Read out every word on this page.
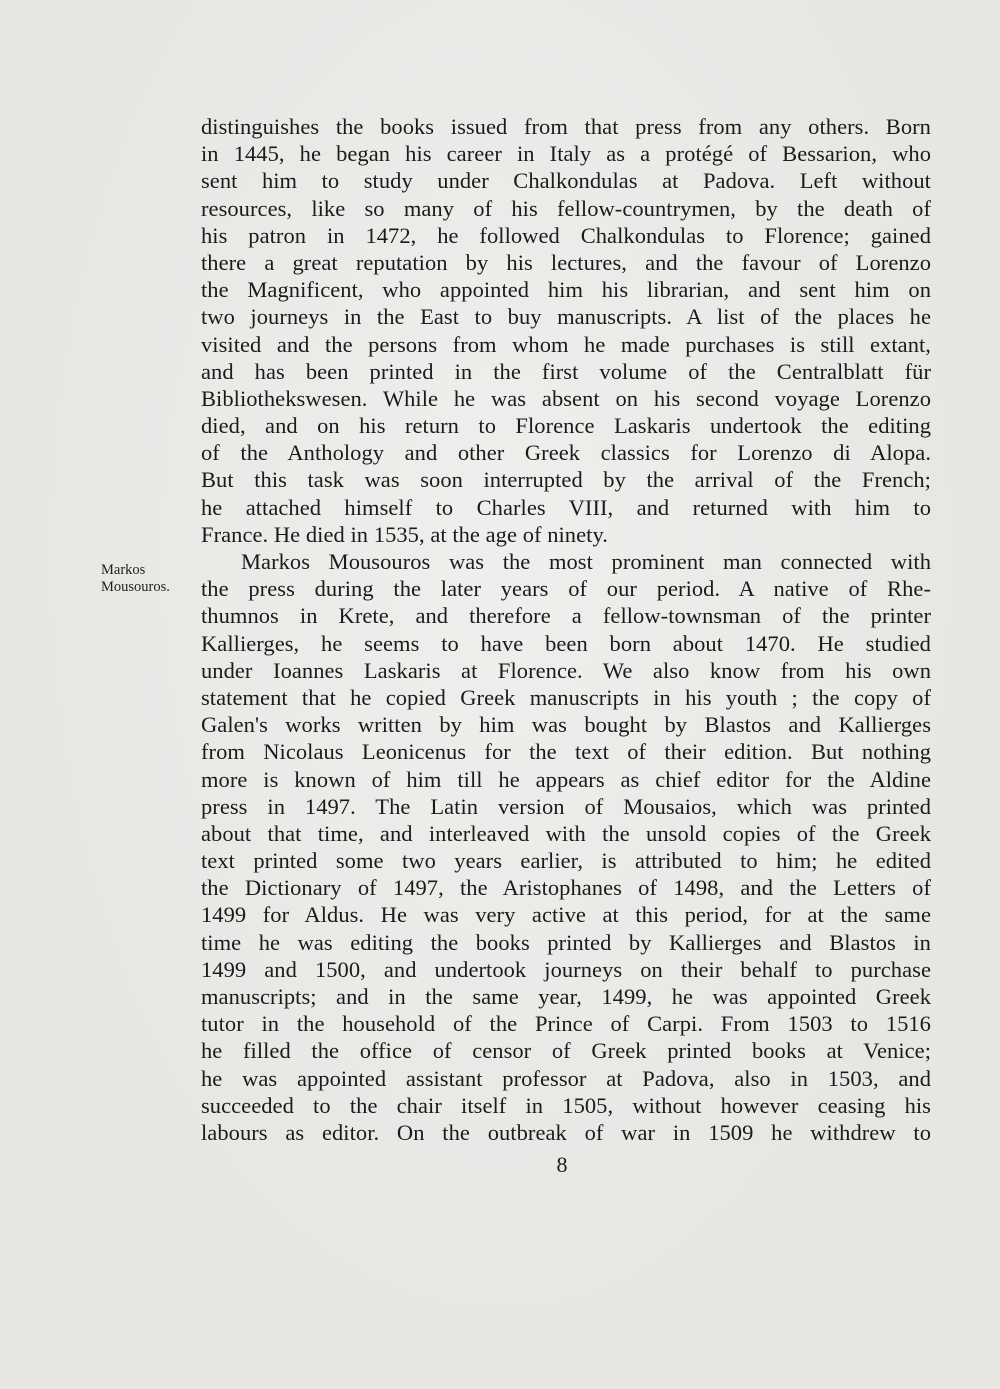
Markos
Mousouros.
distinguishes the books issued from that press from any others. Born
in 1445, he began his career in Italy as a protégé of Bessarion, who
sent him to study under Chalkondulas at Padova. Left without
resources, like so many of his fellow-countrymen, by the death of
his patron in 1472, he followed Chalkondulas to Florence; gained
there a great reputation by his lectures, and the favour of Lorenzo
the Magnificent, who appointed him his librarian, and sent him on
two journeys in the East to buy manuscripts. A list of the places he
visited and the persons from whom he made purchases is still extant,
and has been printed in the first volume of the Centralblatt für
Bibliothekswesen. While he was absent on his second voyage Lorenzo
died, and on his return to Florence Laskaris undertook the editing
of the Anthology and other Greek classics for Lorenzo di Alopa.
But this task was soon interrupted by the arrival of the French;
he attached himself to Charles VIII, and returned with him to
France. He died in 1535, at the age of ninety.
Markos Mousouros was the most prominent man connected with
the press during the later years of our period. A native of Rhe-
thumnos in Krete, and therefore a fellow-townsman of the printer
Kallierges, he seems to have been born about 1470. He studied
under Ioannes Laskaris at Florence. We also know from his own
statement that he copied Greek manuscripts in his youth ; the copy of
Galen's works written by him was bought by Blastos and Kallierges
from Nicolaus Leonicenus for the text of their edition. But nothing
more is known of him till he appears as chief editor for the Aldine
press in 1497. The Latin version of Mousaios, which was printed
about that time, and interleaved with the unsold copies of the Greek
text printed some two years earlier, is attributed to him; he edited
the Dictionary of 1497, the Aristophanes of 1498, and the Letters of
1499 for Aldus. He was very active at this period, for at the same
time he was editing the books printed by Kallierges and Blastos in
1499 and 1500, and undertook journeys on their behalf to purchase
manuscripts; and in the same year, 1499, he was appointed Greek
tutor in the household of the Prince of Carpi. From 1503 to 1516
he filled the office of censor of Greek printed books at Venice;
he was appointed assistant professor at Padova, also in 1503, and
succeeded to the chair itself in 1505, without however ceasing his
labours as editor. On the outbreak of war in 1509 he withdrew to
8
